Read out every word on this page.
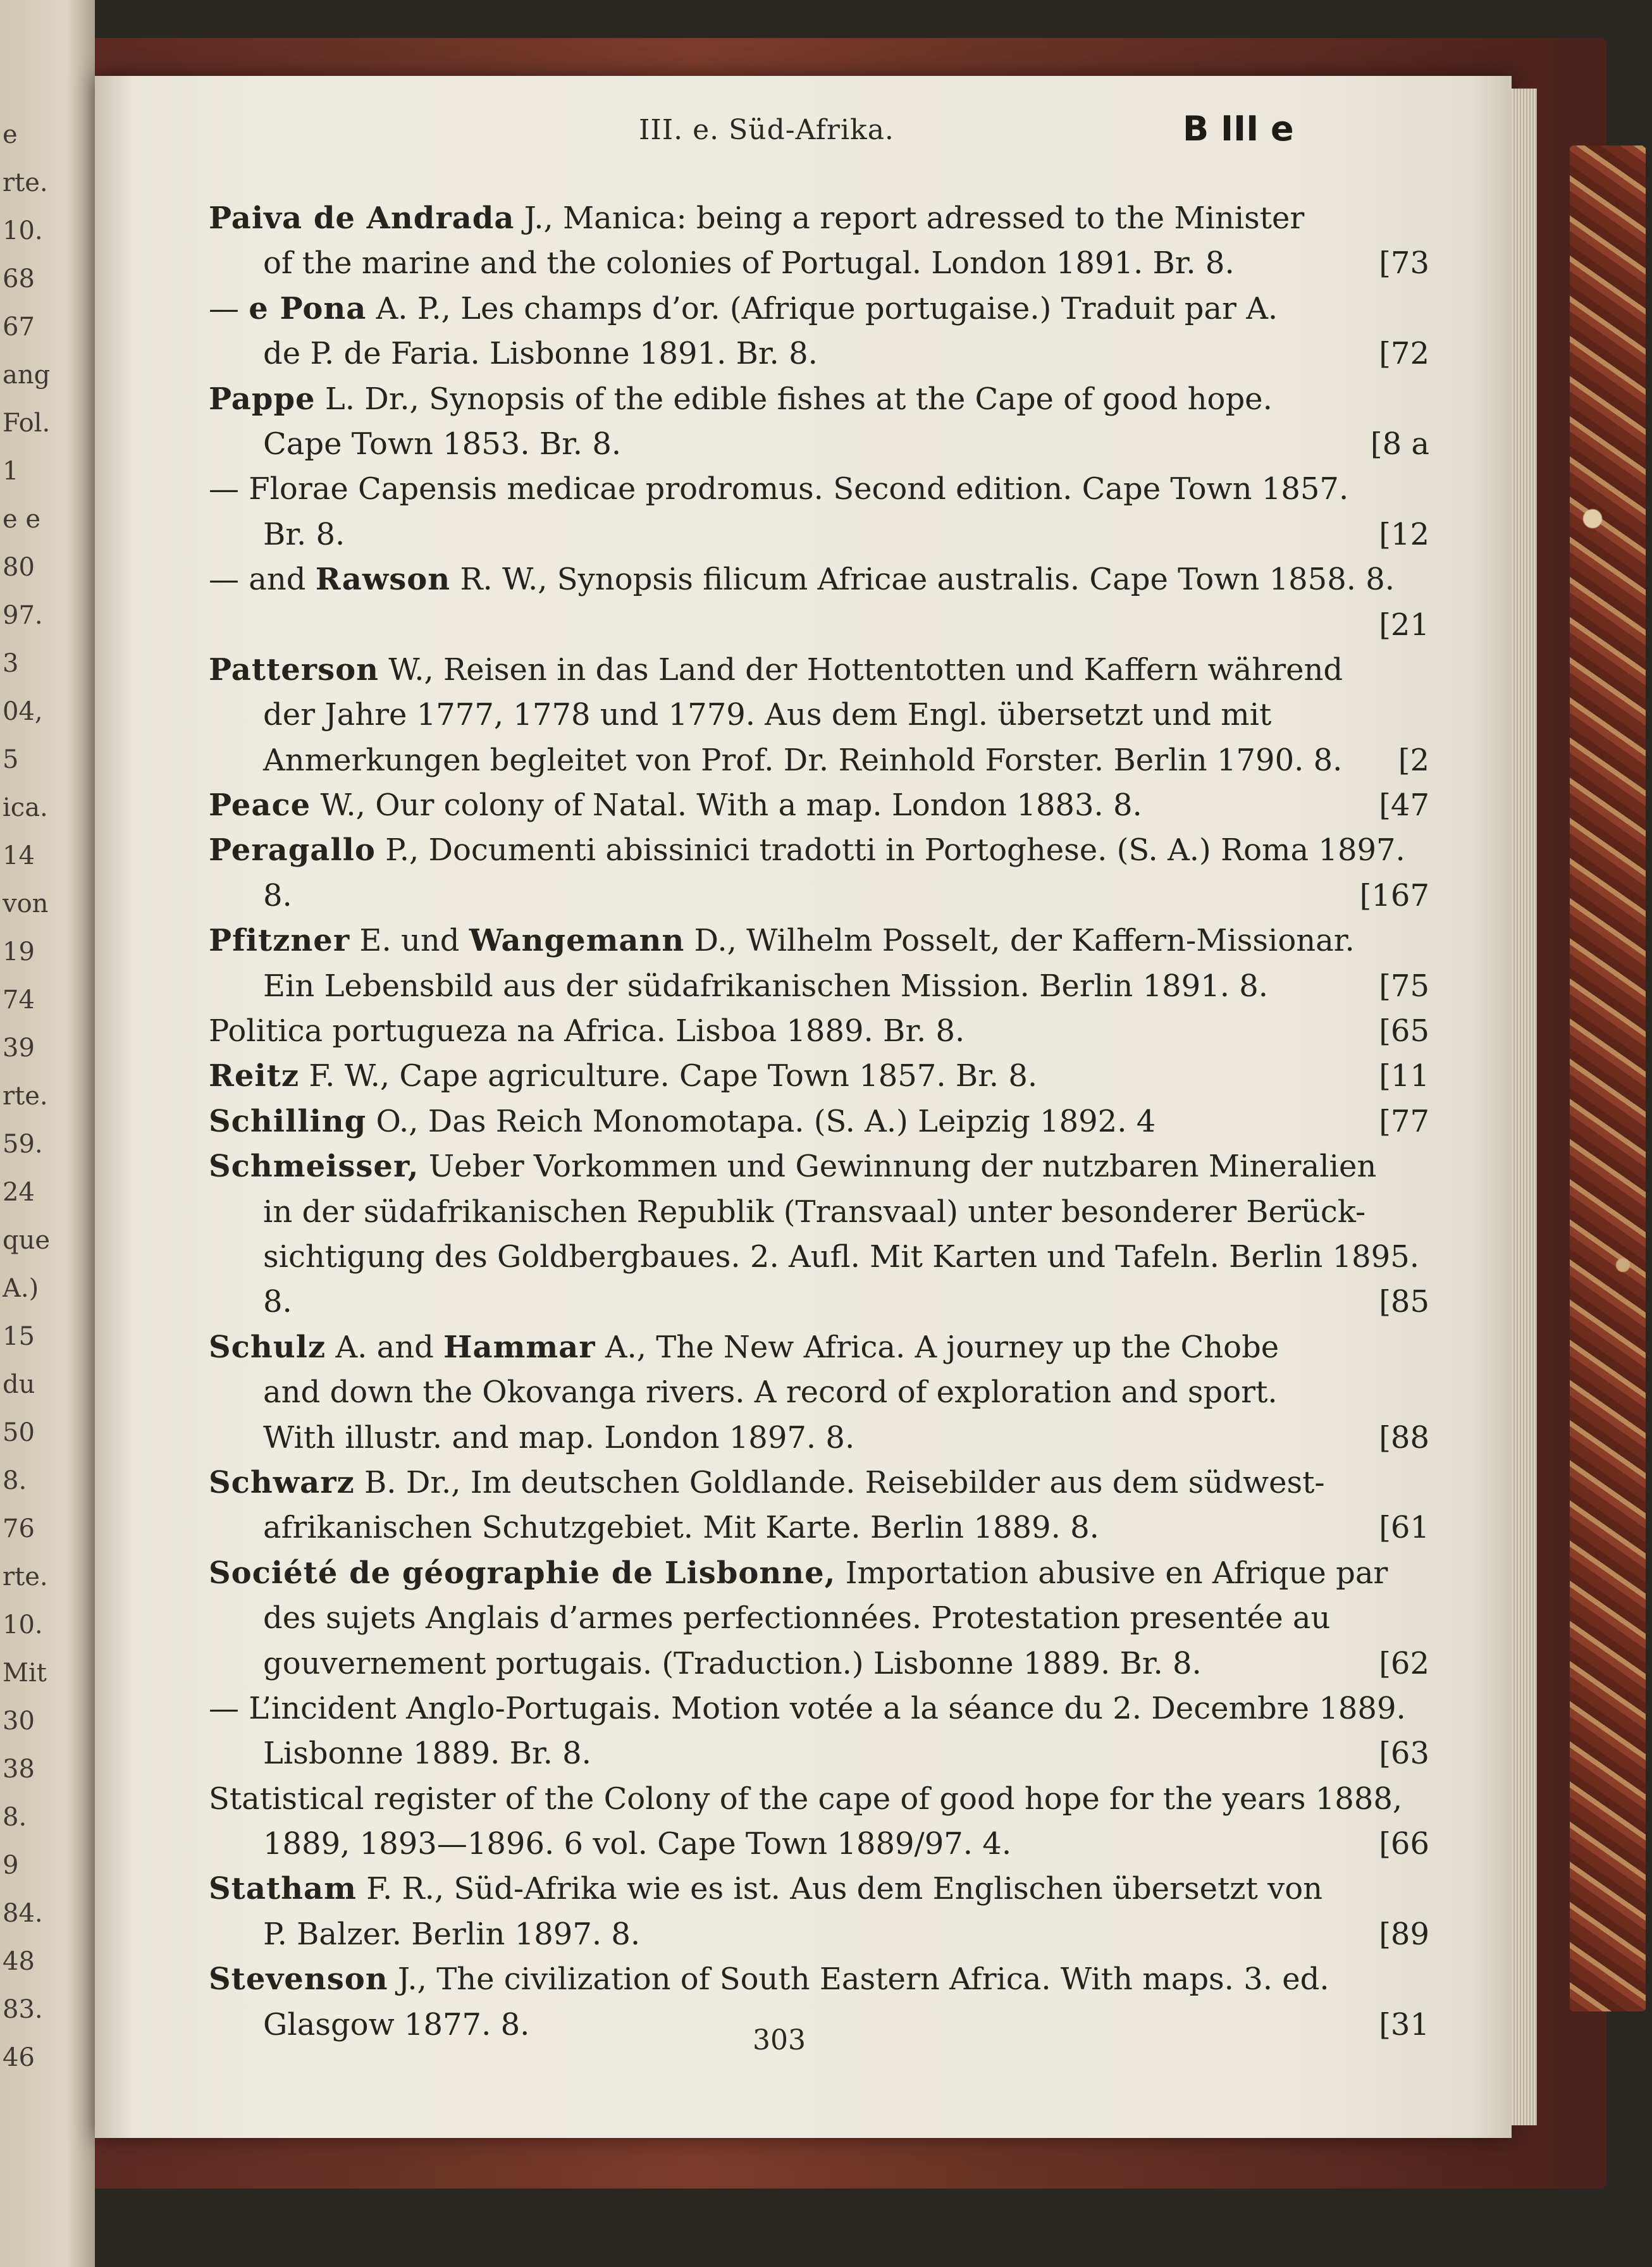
e
rte.
10.
68
67
ang
Fol.
1
e e
80
97.
3
04,
5
ica.
14
von
19
74
39
rte.
59.
24
que
A.)
15
du
50
8.
76
rte.
10.
Mit
30
38
8.
9
84.
48
83.
46
III. e. Süd-Afrika.	B III e
Paiva de Andrada J., Manica: being a report adressed to the Minister
of the marine and the colonies of Portugal. London 1891. Br. 8.	[73
— e Pona A. P., Les champs d’or. (Afrique portugaise.) Traduit par A.
de P. de Faria. Lisbonne 1891. Br. 8.	[72
Pappe L. Dr., Synopsis of the edible fishes at the Cape of good hope.
Cape Town 1853. Br. 8.	[8 a
— Florae Capensis medicae prodromus. Second edition. Cape Town 1857.
Br. 8.	[12
— and Rawson R. W., Synopsis filicum Africae australis. Cape Town 1858. 8.
[21
Patterson W., Reisen in das Land der Hottentotten und Kaffern während
der Jahre 1777, 1778 und 1779. Aus dem Engl. übersetzt und mit
Anmerkungen begleitet von Prof. Dr. Reinhold Forster. Berlin 1790. 8. [2
Peace W., Our colony of Natal. With a map. London 1883. 8.	[47
Peragallo P., Documenti abissinici tradotti in Portoghese. (S. A.) Roma 1897.
8.	[167
Pfitzner E. und Wangemann D., Wilhelm Posselt, der Kaffern-Missionar.
Ein Lebensbild aus der südafrikanischen Mission. Berlin 1891. 8.	[75
Politica portugueza na Africa. Lisboa 1889. Br. 8.	[65
Reitz F. W., Cape agriculture. Cape Town 1857. Br. 8.	[11
Schilling O., Das Reich Monomotapa. (S. A.) Leipzig 1892. 4	[77
Schmeisser, Ueber Vorkommen und Gewinnung der nutzbaren Mineralien
in der südafrikanischen Republik (Transvaal) unter besonderer Berück-
sichtigung des Goldbergbaues. 2. Aufl. Mit Karten und Tafeln. Berlin 1895.
8.	[85
Schulz A. and Hammar A., The New Africa. A journey up the Chobe
and down the Okovanga rivers. A record of exploration and sport.
With illustr. and map. London 1897. 8.	[88
Schwarz B. Dr., Im deutschen Goldlande. Reisebilder aus dem südwest-
afrikanischen Schutzgebiet. Mit Karte. Berlin 1889. 8.	[61
Société de géographie de Lisbonne, Importation abusive en Afrique par
des sujets Anglais d’armes perfectionnées. Protestation presentée au
gouvernement portugais. (Traduction.) Lisbonne 1889. Br. 8.	[62
— L’incident Anglo-Portugais. Motion votée a la séance du 2. Decembre 1889.
Lisbonne 1889. Br. 8.	[63
Statistical register of the Colony of the cape of good hope for the years 1888,
1889, 1893—1896. 6 vol. Cape Town 1889/97. 4.	[66
Statham F. R., Süd-Afrika wie es ist. Aus dem Englischen übersetzt von
P. Balzer. Berlin 1897. 8.	[89
Stevenson J., The civilization of South Eastern Africa. With maps. 3. ed.
Glasgow 1877. 8.	[31
303
